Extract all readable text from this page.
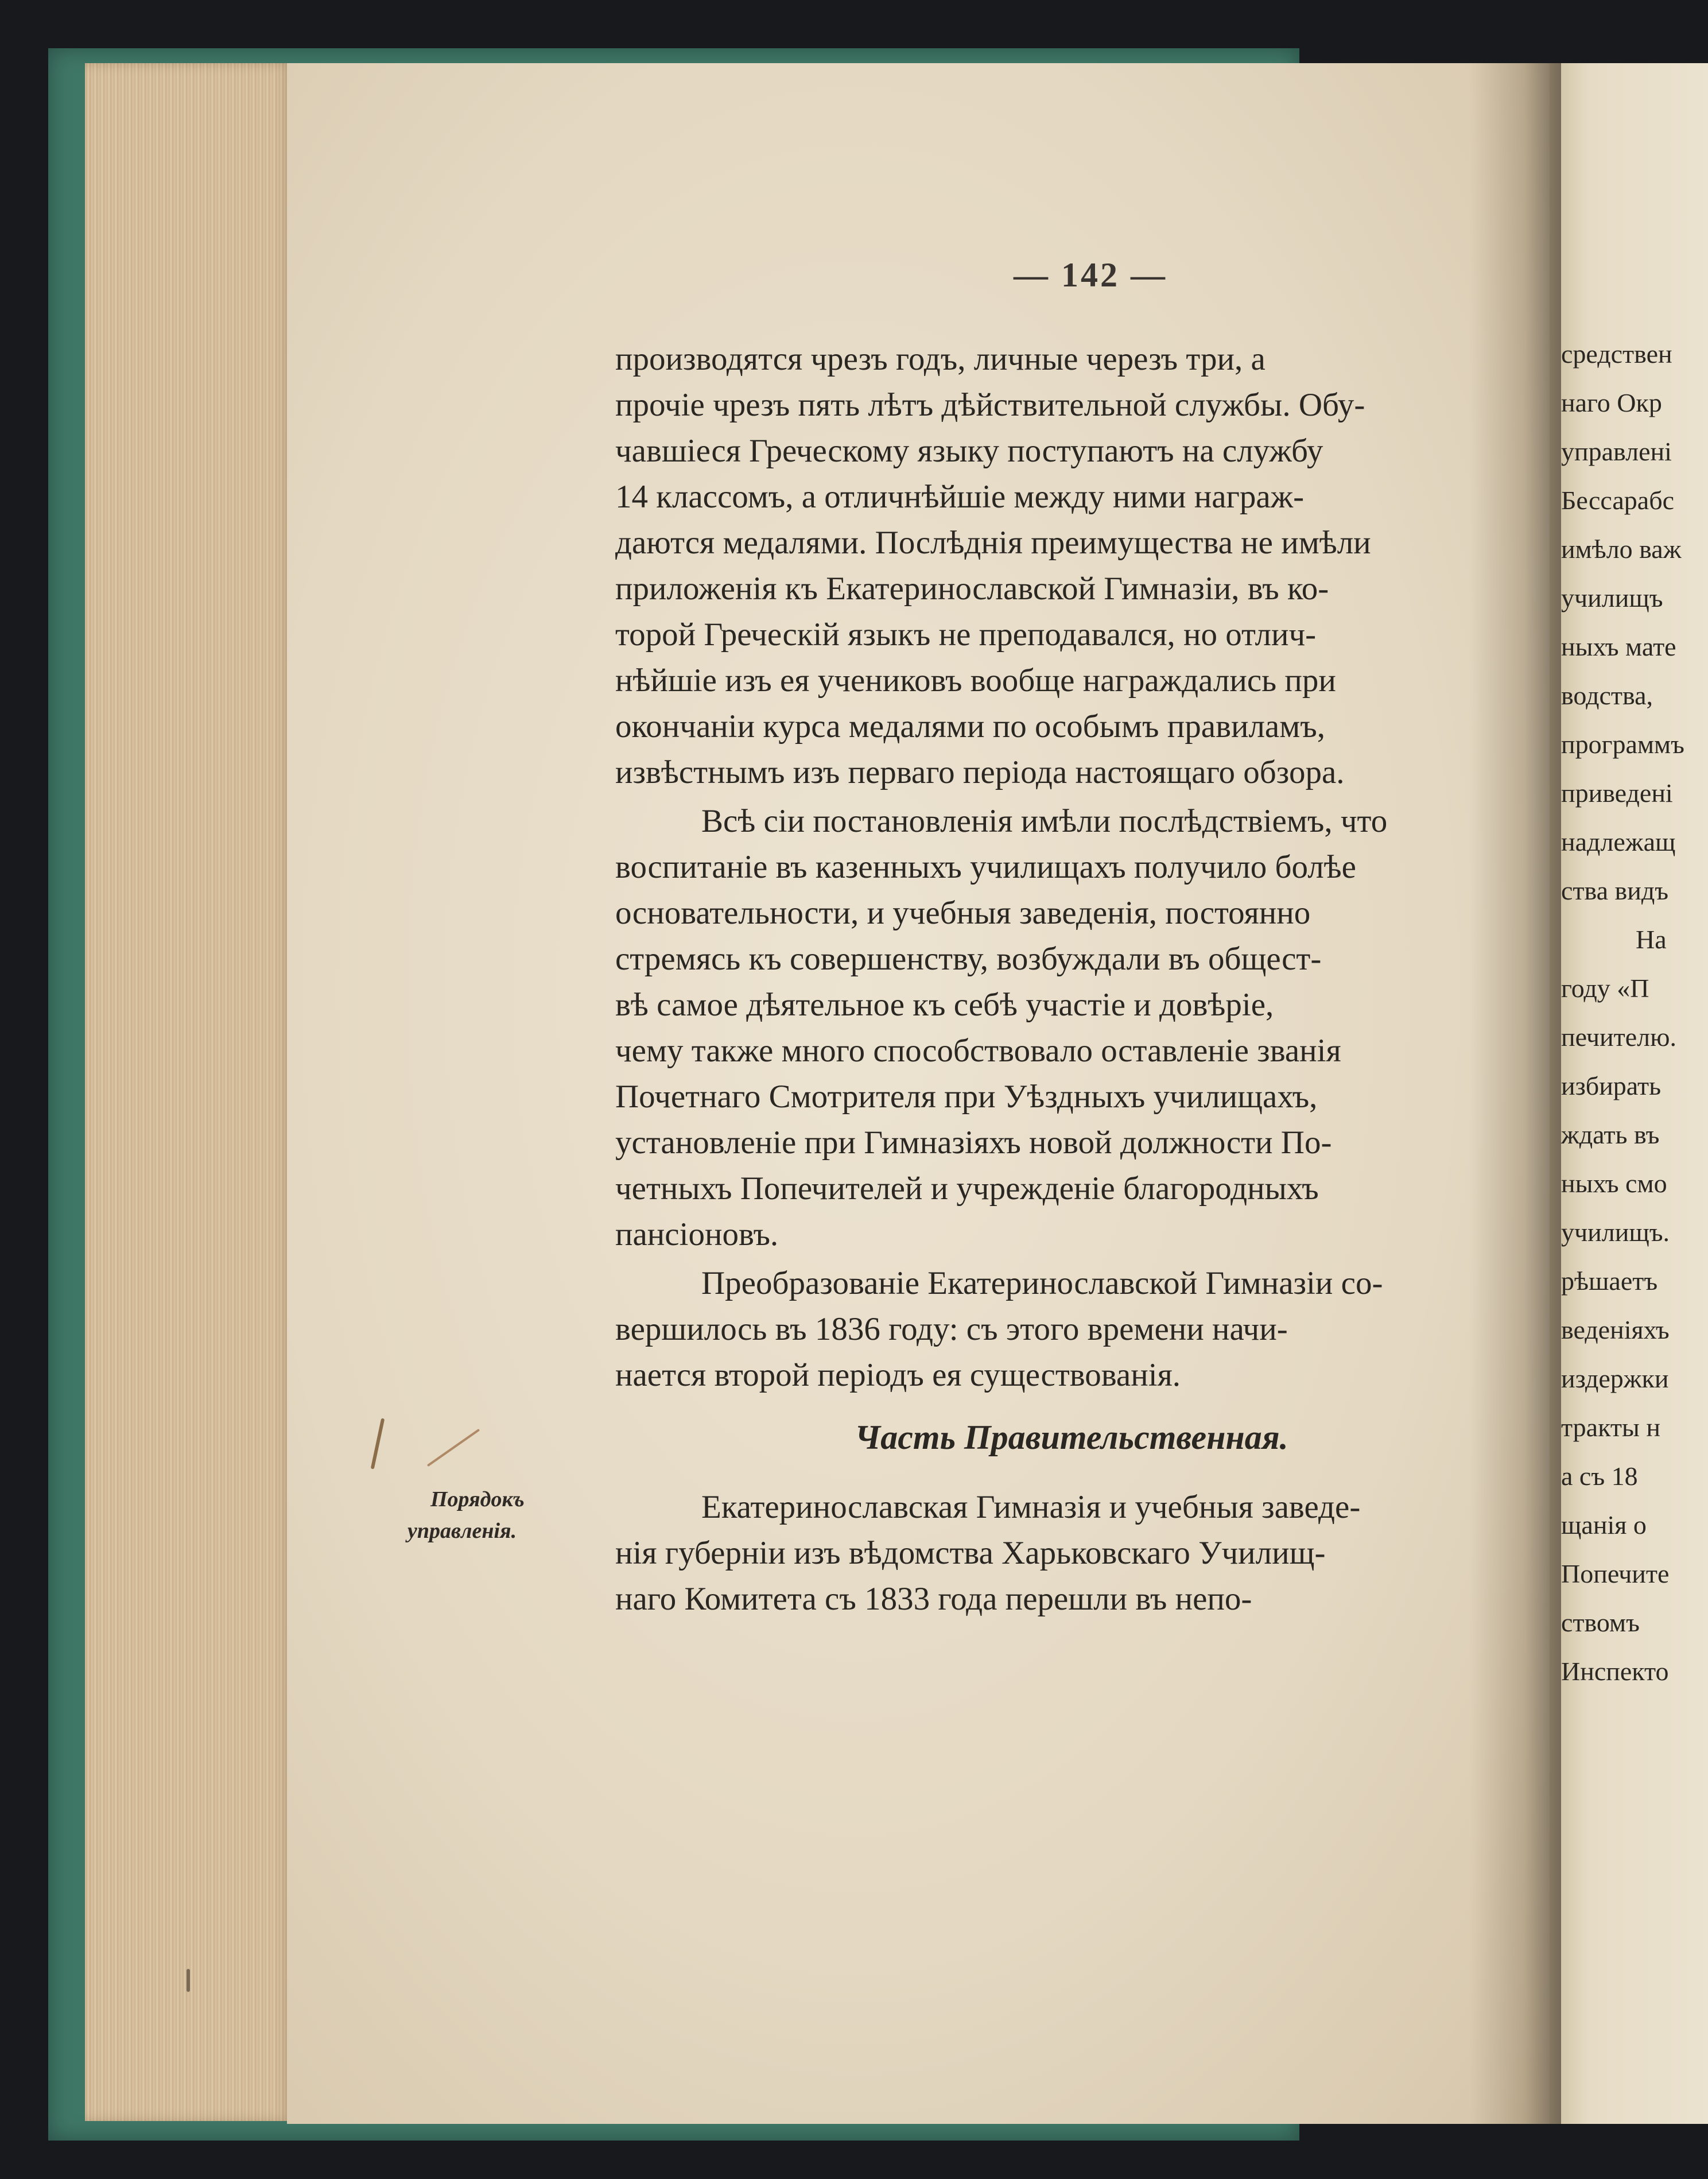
— 142 —
производятся чрезъ годъ, личные черезъ три, а
прочіе чрезъ пять лѣтъ дѣйствительной службы. Обу-
чавшіеся Греческому языку поступаютъ на службу
14 классомъ, а отличнѣйшіе между ними награж-
даются медалями. Послѣднія преимущества не имѣли
приложенія къ Екатеринославской Гимназіи, въ ко-
торой Греческій языкъ не преподавался, но отлич-
нѣйшіе изъ ея учениковъ вообще награждались при
окончаніи курса медалями по особымъ правиламъ,
извѣстнымъ изъ перваго періода настоящаго обзора.
Всѣ сіи постановленія имѣли послѣдствіемъ, что
воспитаніе въ казенныхъ училищахъ получило болѣе
основательности, и учебныя заведенія, постоянно
стремясь къ совершенству, возбуждали въ общест-
вѣ самое дѣятельное къ себѣ участіе и довѣріе,
чему также много способствовало оставленіе званія
Почетнаго Смотрителя при Уѣздныхъ училищахъ,
установленіе при Гимназіяхъ новой должности По-
четныхъ Попечителей и учрежденіе благородныхъ
пансіоновъ.
Преобразованіе Екатеринославской Гимназіи со-
вершилось въ 1836 году: съ этого времени начи-
нается второй періодъ ея существованія.
Часть Правительственная.
Порядокъ
управленія.
Екатеринославская Гимназія и учебныя заведе-
нія губерніи изъ вѣдомства Харьковскаго Училищ-
наго Комитета съ 1833 года перешли въ непо-
средствен
наго Окр
управлені
Бессарабс
имѣло важ
училищъ
ныхъ мате
водства,
программъ
приведені
надлежащ
ства видъ
На
году «П
печителю.
избирать
ждать въ
ныхъ смо
училищъ.
рѣшаетъ
веденіяхъ
издержки
тракты н
а съ 18
щанія о
Попечите
ствомъ
Инспекто
